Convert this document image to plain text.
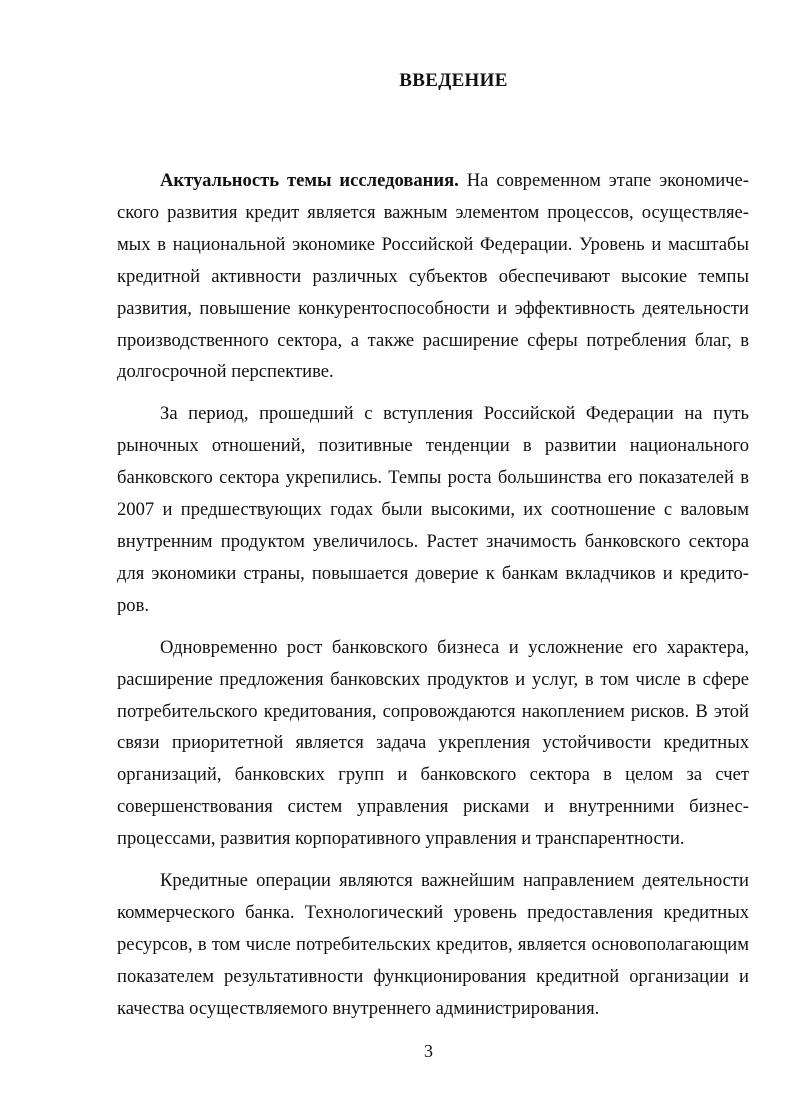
ВВЕДЕНИЕ

Актуальность темы исследования. На современном этапе экономического развития кредит является важным элементом процессов, осуществляемых в национальной экономике Российской Федерации. Уровень и масштабы кредитной активности различных субъектов обеспечивают высокие темпы развития, повышение конкурентоспособности и эффективность деятельности производственного сектора, а также расширение сферы потребления благ, в долгосрочной перспективе.

За период, прошедший с вступления Российской Федерации на путь рыночных отношений, позитивные тенденции в развитии национального банковского сектора укрепились. Темпы роста большинства его показателей в 2007 и предшествующих годах были высокими, их соотношение с валовым внутренним продуктом увеличилось. Растет значимость банковского сектора для экономики страны, повышается доверие к банкам вкладчиков и кредиторов.

Одновременно рост банковского бизнеса и усложнение его характера, расширение предложения банковских продуктов и услуг, в том числе в сфере потребительского кредитования, сопровождаются накоплением рисков. В этой связи приоритетной является задача укрепления устойчивости кредитных организаций, банковских групп и банковского сектора в целом за счет совершенствования систем управления рисками и внутренними бизнес-процессами, развития корпоративного управления и транспарентности.

Кредитные операции являются важнейшим направлением деятельности коммерческого банка. Технологический уровень предоставления кредитных ресурсов, в том числе потребительских кредитов, является основополагающим показателем результативности функционирования кредитной организации и качества осуществляемого внутреннего администрирования.

3
